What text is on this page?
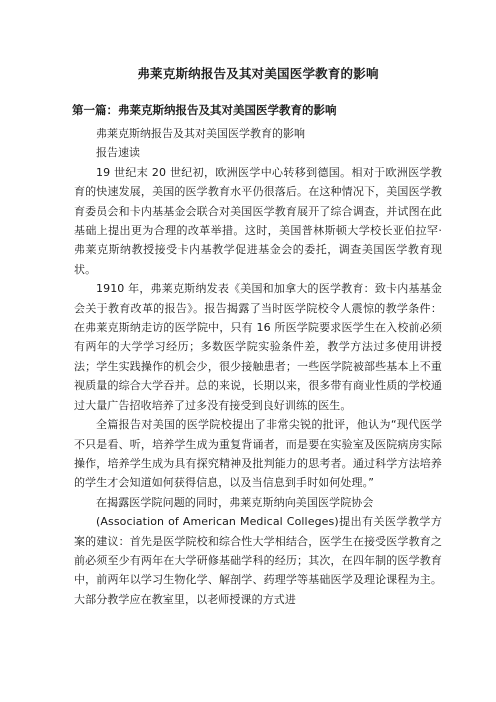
弗莱克斯纳报告及其对美国医学教育的影响
第一篇：弗莱克斯纳报告及其对美国医学教育的影响
弗莱克斯纳报告及其对美国医学教育的影响
报告速读

19 世纪末 20 世纪初，欧洲医学中心转移到德国。相对于欧洲医学教育的快速发展，美国的医学教育水平仍很落后。在这种情况下，美国医学教育委员会和卡内基基金会联合对美国医学教育展开了综合调查，并试图在此基础上提出更为合理的改革举措。这时，美国普林斯顿大学校长亚伯拉罕·弗莱克斯纳教授接受卡内基教学促进基金会的委托，调查美国医学教育现状。

1910 年，弗莱克斯纳发表《美国和加拿大的医学教育：致卡内基基金会关于教育改革的报告》。报告揭露了当时医学院校令人震惊的教学条件：在弗莱克斯纳走访的医学院中，只有 16 所医学院要求医学生在入校前必须有两年的大学学习经历；多数医学院实验条件差，教学方法过多使用讲授法；学生实践操作的机会少，很少接触患者；一些医学院被部些基本上不重视质量的综合大学吞并。总的来说，长期以来，很多带有商业性质的学校通过大量广告招收培养了过多没有接受到良好训练的医生。

全篇报告对美国的医学院校提出了非常尖锐的批评，他认为“现代医学不只是看、听，培养学生成为重复背诵者，而是要在实验室及医院病房实际操作，培养学生成为具有探究精神及批判能力的思考者。通过科学方法培养的学生才会知道如何获得信息，以及当信息到手时如何处理。”

在揭露医学院问题的同时，弗莱克斯纳向美国医学院协会

(Association of American Medical Colleges)提出有关医学教学方案的建议：首先是医学院校和综合性大学相结合，医学生在接受医学教育之前必须至少有两年在大学研修基础学科的经历；其次，在四年制的医学教育中，前两年以学习生物化学、解剖学、药理学等基础医学及理论课程为主。大部分教学应在教室里，以老师授课的方式进
